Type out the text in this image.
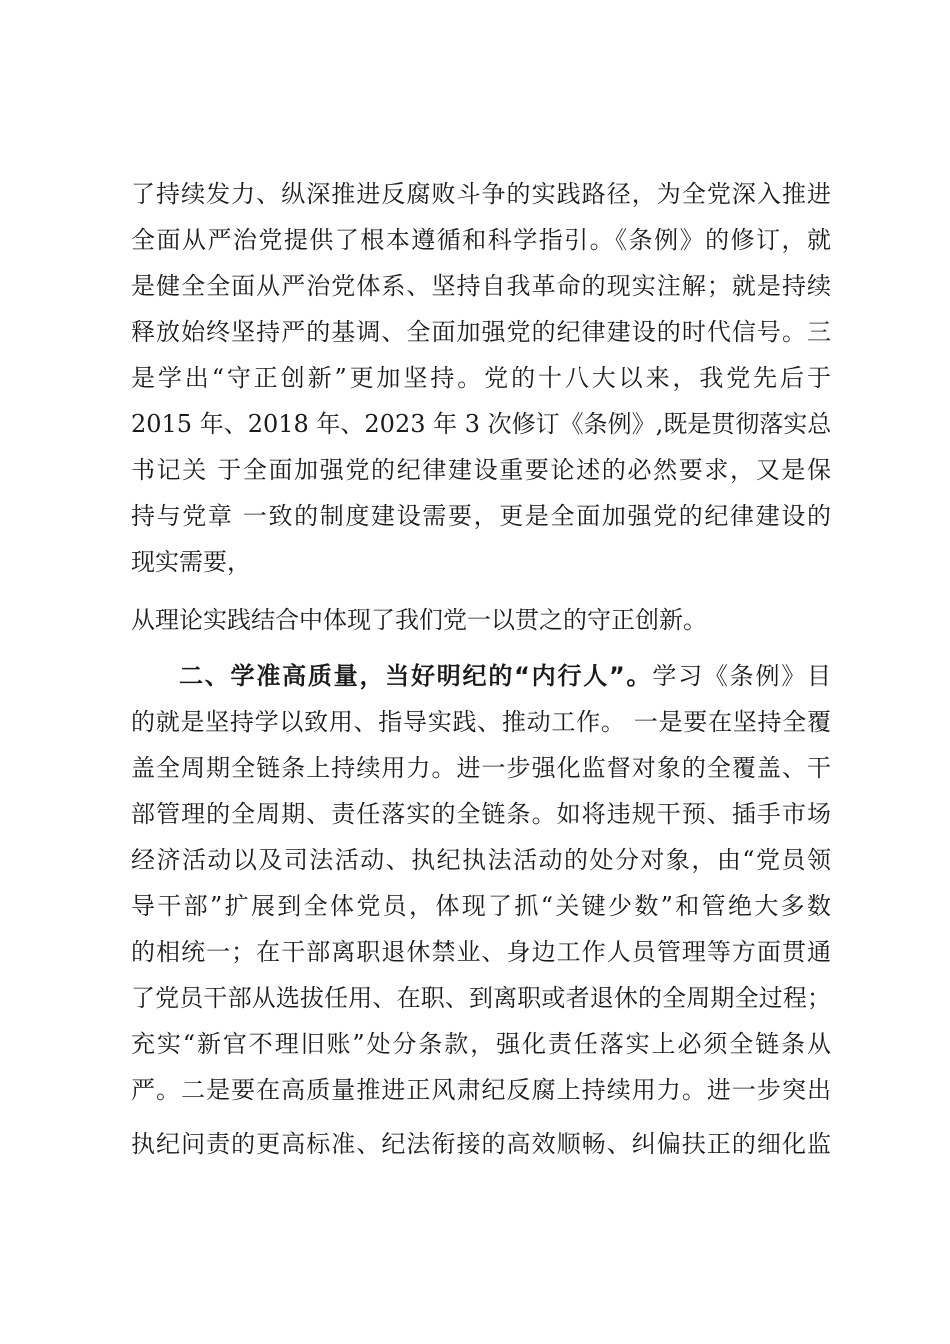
了持续发力、纵深推进反腐败斗争的实践路径，为全党深入推进
全面从严治党提供了根本遵循和科学指引。《条例》的修订，就
是健全全面从严治党体系、坚持自我革命的现实注解；就是持续
释放始终坚持严的基调、全面加强党的纪律建设的时代信号。三
是学出“守正创新”更加坚持。党的十八大以来，我党先后于
2015 年、2018 年、2023 年 3 次修订《条例》,既是贯彻落实总
书记关 于全面加强党的纪律建设重要论述的必然要求，又是保
持与党章 一致的制度建设需要，更是全面加强党的纪律建设的
现实需要，
从理论实践结合中体现了我们党一以贯之的守正创新。
二、学准高质量，当好明纪的“内行人”。学习《条例》目
的就是坚持学以致用、指导实践、推动工作。 一是要在坚持全覆
盖全周期全链条上持续用力。进一步强化监督对象的全覆盖、干
部管理的全周期、责任落实的全链条。如将违规干预、插手市场
经济活动以及司法活动、执纪执法活动的处分对象，由“党员领
导干部”扩展到全体党员，体现了抓“关键少数”和管绝大多数
的相统一；在干部离职退休禁业、身边工作人员管理等方面贯通
了党员干部从选拔任用、在职、到离职或者退休的全周期全过程；
充实“新官不理旧账”处分条款，强化责任落实上必须全链条从
严。二是要在高质量推进正风肃纪反腐上持续用力。进一步突出
执纪问责的更高标准、纪法衔接的高效顺畅、纠偏扶正的细化监
